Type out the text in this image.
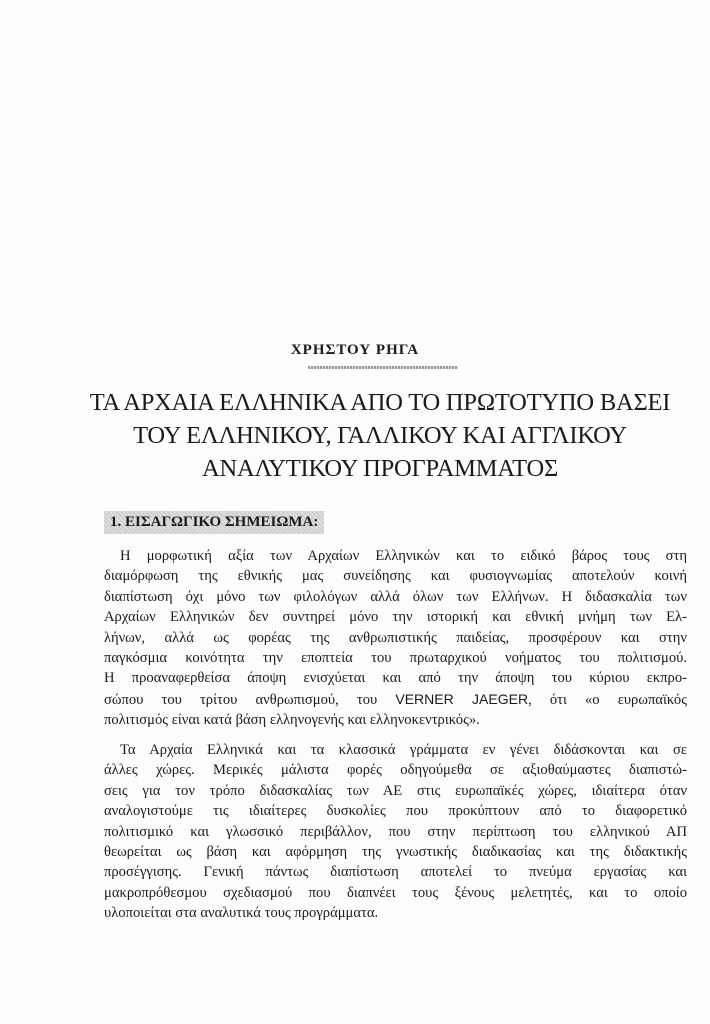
ΧΡΗΣΤΟΥ ΡΗΓΑ
ΤΑ ΑΡΧΑΙΑ ΕΛΛΗΝΙΚΑ ΑΠΟ ΤΟ ΠΡΩΤΟΤΥΠΟ ΒΑΣΕΙ
ΤΟΥ ΕΛΛΗΝΙΚΟΥ, ΓΑΛΛΙΚΟΥ ΚΑΙ ΑΓΓΛΙΚΟΥ
ΑΝΑΛΥΤΙΚΟΥ ΠΡΟΓΡΑΜΜΑΤΟΣ
1. ΕΙΣΑΓΩΓΙΚΟ ΣΗΜΕΙΩΜΑ:
Η μορφωτική αξία των Αρχαίων Ελληνικών και το ειδικό βάρος τους στη
διαμόρφωση της εθνικής μας συνείδησης και φυσιογνωμίας αποτελούν κοινή
διαπίστωση όχι μόνο των φιλολόγων αλλά όλων των Ελλήνων. Η διδασκαλία των
Αρχαίων Ελληνικών δεν συντηρεί μόνο την ιστορική και εθνική μνήμη των Ελ-
λήνων, αλλά ως φορέας της ανθρωπιστικής παιδείας, προσφέρουν και στην
παγκόσμια κοινότητα την εποπτεία του πρωταρχικού νοήματος του πολιτισμού.
Η προαναφερθείσα άποψη ενισχύεται και από την άποψη του κύριου εκπρο-
σώπου του τρίτου ανθρωπισμού, του VERNER JAEGER, ότι «ο ευρωπαϊκός
πολιτισμός είναι κατά βάση ελληνογενής και ελληνοκεντρικός».
Τα Αρχαία Ελληνικά και τα κλασσικά γράμματα εν γένει διδάσκονται και σε
άλλες χώρες. Μερικές μάλιστα φορές οδηγούμεθα σε αξιοθαύμαστες διαπιστώ-
σεις για τον τρόπο διδασκαλίας των ΑΕ στις ευρωπαϊκές χώρες, ιδιαίτερα όταν
αναλογιστούμε τις ιδιαίτερες δυσκολίες που προκύπτουν από το διαφορετικό
πολιτισμικό και γλωσσικό περιβάλλον, που στην περίπτωση του ελληνικού ΑΠ
θεωρείται ως βάση και αφόρμηση της γνωστικής διαδικασίας και της διδακτικής
προσέγγισης. Γενική πάντως διαπίστωση αποτελεί το πνεύμα εργασίας και
μακροπρόθεσμου σχεδιασμού που διαπνέει τους ξένους μελετητές, και το οποίο
υλοποιείται στα αναλυτικά τους προγράμματα.
